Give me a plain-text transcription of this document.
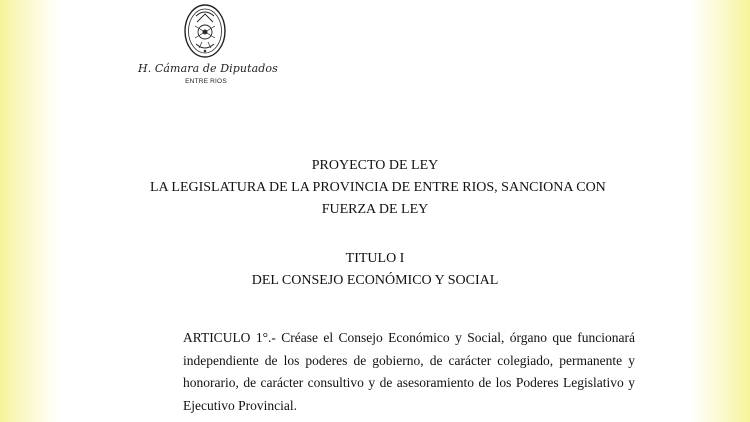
H. Cámara de Diputados
ENTRE RIOS
PROYECTO DE LEY
LA LEGISLATURA DE LA PROVINCIA DE ENTRE RIOS, SANCIONA CON
FUERZA DE LEY
TITULO I
DEL CONSEJO ECONÓMICO Y SOCIAL
ARTICULO 1°.- Créase el Consejo Económico y Social, órgano que funcionará
independiente de los poderes de gobierno, de carácter colegiado, permanente y
honorario, de carácter consultivo y de asesoramiento de los Poderes Legislativo y
Ejecutivo Provincial.
